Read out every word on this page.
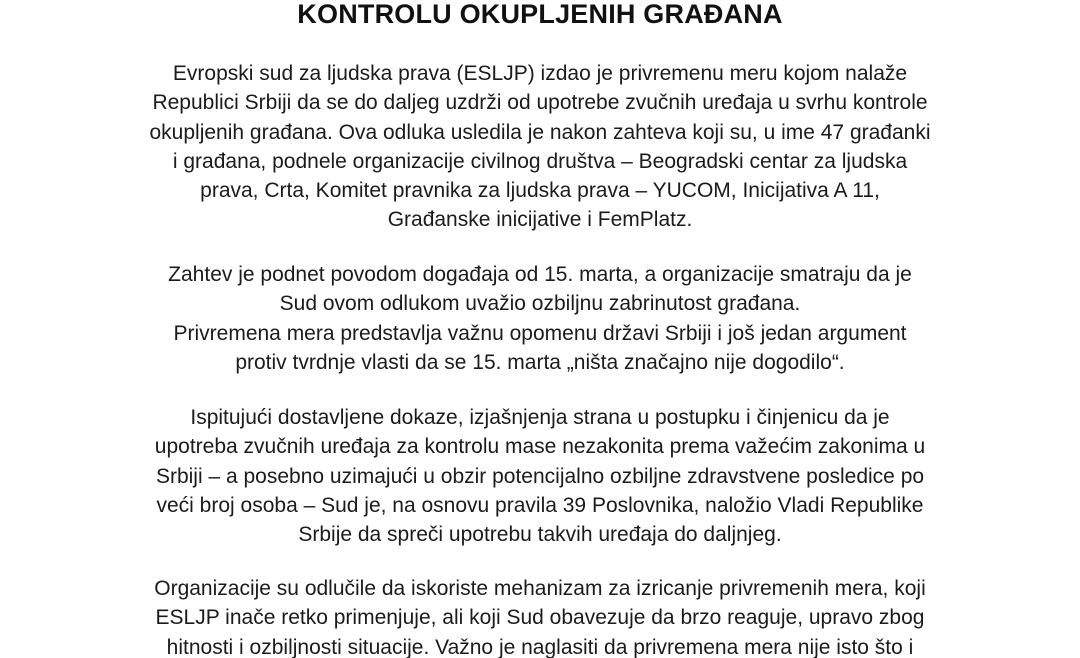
KONTROLU OKUPLJENIH GRAĐANA
Evropski sud za ljudska prava (ESLJP) izdao je privremenu meru kojom nalaže
Republici Srbiji da se do daljeg uzdrži od upotrebe zvučnih uređaja u svrhu kontrole
okupljenih građana. Ova odluka usledila je nakon zahteva koji su, u ime 47 građanki
i građana, podnele organizacije civilnog društva – Beogradski centar za ljudska
prava, Crta, Komitet pravnika za ljudska prava – YUCOM, Inicijativa A 11,
Građanske inicijative i FemPlatz.
Zahtev je podnet povodom događaja od 15. marta, a organizacije smatraju da je
Sud ovom odlukom uvažio ozbiljnu zabrinutost građana.
Privremena mera predstavlja važnu opomenu državi Srbiji i još jedan argument
protiv tvrdnje vlasti da se 15. marta „ništa značajno nije dogodilo“.
Ispitujući dostavljene dokaze, izjašnjenja strana u postupku i činjenicu da je
upotreba zvučnih uređaja za kontrolu mase nezakonita prema važećim zakonima u
Srbiji – a posebno uzimajući u obzir potencijalno ozbiljne zdravstvene posledice po
veći broj osoba – Sud je, na osnovu pravila 39 Poslovnika, naložio Vladi Republike
Srbije da spreči upotrebu takvih uređaja do daljnjeg.
Organizacije su odlučile da iskoriste mehanizam za izricanje privremenih mera, koji
ESLJP inače retko primenjuje, ali koji Sud obavezuje da brzo reaguje, upravo zbog
hitnosti i ozbiljnosti situacije. Važno je naglasiti da privremena mera nije isto što i
